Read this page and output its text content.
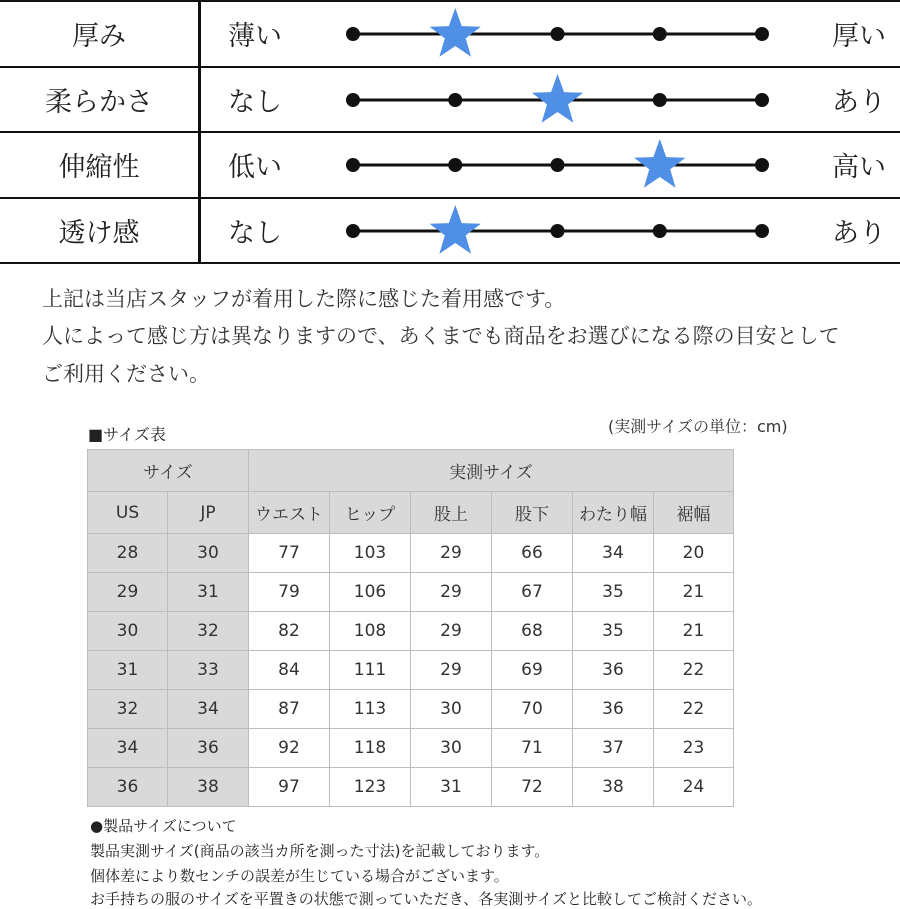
厚み	薄い	厚い
柔らかさ	なし	あり
伸縮性	低い	高い
透け感	なし	あり
上記は当店スタッフが着用した際に感じた着用感です。
人によって感じ方は異なりますので、あくまでも商品をお選びになる際の目安として
ご利用ください。
■サイズ表	(実測サイズの単位：cm)
サイズ		実測サイズ					
US	JP	ウエスト	ヒップ	股上	股下	わたり幅	裾幅
28	30	77	103	29	66	34	20
29	31	79	106	29	67	35	21
30	32	82	108	29	68	35	21
31	33	84	111	29	69	36	22
32	34	87	113	30	70	36	22
34	36	92	118	30	71	37	23
36	38	97	123	31	72	38	24
●製品サイズについて
製品実測サイズ(商品の該当カ所を測った寸法)を記載しております。
個体差により数センチの誤差が生じている場合がございます。
お手持ちの服のサイズを平置きの状態で測っていただき、各実測サイズと比較してご検討ください。
